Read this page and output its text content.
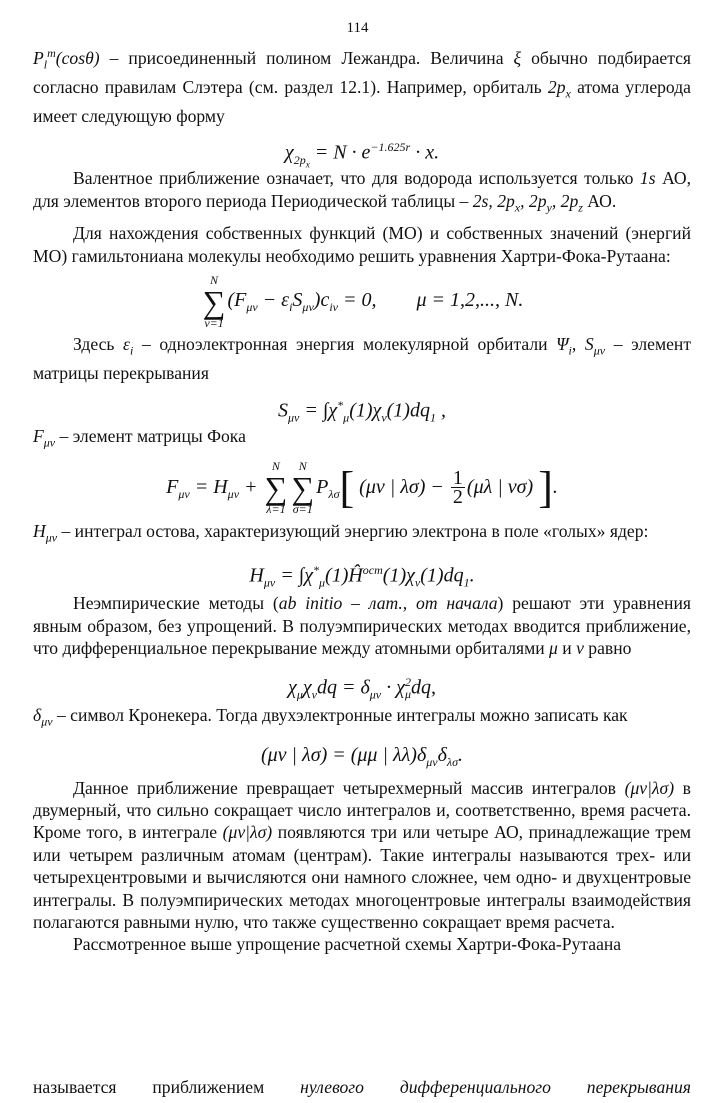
114

$P_l^m(\cos\theta)$ – присоединенный полином Лежандра. Величина ξ обычно подбирается согласно правилам Слэтера (см. раздел 12.1). Например, орбиталь $2p_x$ атома углерода имеет следующую форму

$\chi_{2p_x} = N \cdot e^{-1.625r} \cdot x$.

Валентное приближение означает, что для водорода используется только 1s АО, для элементов второго периода Периодической таблицы – 2s, $2p_x$, $2p_y$, $2p_z$ АО.

Для нахождения собственных функций (МО) и собственных значений (энергий МО) гамильтониана молекулы необходимо решить уравнения Хартри-Фока-Рутаана:

N
∑
ν=1
$(F_{\mu\nu} - \varepsilon_iS_{\mu\nu})c_{i\nu} = 0$, μ = 1,2,..., N.

Здесь $\varepsilon_i$ – одноэлектронная энергия молекулярной орбитали $\Psi_i$, $S_{\mu\nu}$ – элемент матрицы перекрывания

$S_{\mu\nu} = \int\chi^*_\mu(1)\chi_\nu(1)dq_1$ ,

$F_{\mu\nu}$ – элемент матрицы Фока

$F_{\mu\nu} = H_{\mu\nu}$ +
N
∑
λ=1
N
∑
σ=1
$P_{\lambda\sigma}$[ (μν | $\lambda\sigma) - \frac{1}{2} (\mu\lambda$ | νσ) ].

$H_{\mu\nu}$ – интеграл остова, характеризующий энергию электрона в поле «голых» ядер:

$H_{\mu\nu}$ = $\int\chi^*_\mu(1)Ĥ^{ост}(1)\chi_\nu(1)dq_1$.

Неэмпирические методы (ab initio – лат., от начала) решают эти уравнения явным образом, без упрощений. В полуэмпирических методах вводится приближение, что дифференциальное перекрывание между атомными орбиталями μ и ν равно

$\chi_\mu\chi_\nu dq = \delta_{\mu\nu} \cdot \chi^2_\mu dq$,

$\delta_{\mu\nu}$ – символ Кронекера. Тогда двухэлектронные интегралы можно записать как

(μν | λσ) = (μμ | $\lambda\lambda)\delta_{\mu\nu}\delta_{\lambda\sigma}$.

Данное приближение превращает четырехмерный массив интегралов (μν|λσ) в двумерный, что сильно сокращает число интегралов и, соответственно, время расчета. Кроме того, в интеграле (μν|λσ) появляются три или четыре АО, принадлежащие трем или четырем различным атомам (центрам). Такие интегралы называются трех- или четырехцентровыми и вычисляются они намного сложнее, чем одно- и двухцентровые интегралы. В полуэмпирических методах многоцентровые интегралы взаимодействия полагаются равными нулю, что также существенно сокращает время расчета.

Рассмотренное выше упрощение расчетной схемы Хартри-Фока-Рутаана

называется приближением нулевого дифференциального перекрывания
